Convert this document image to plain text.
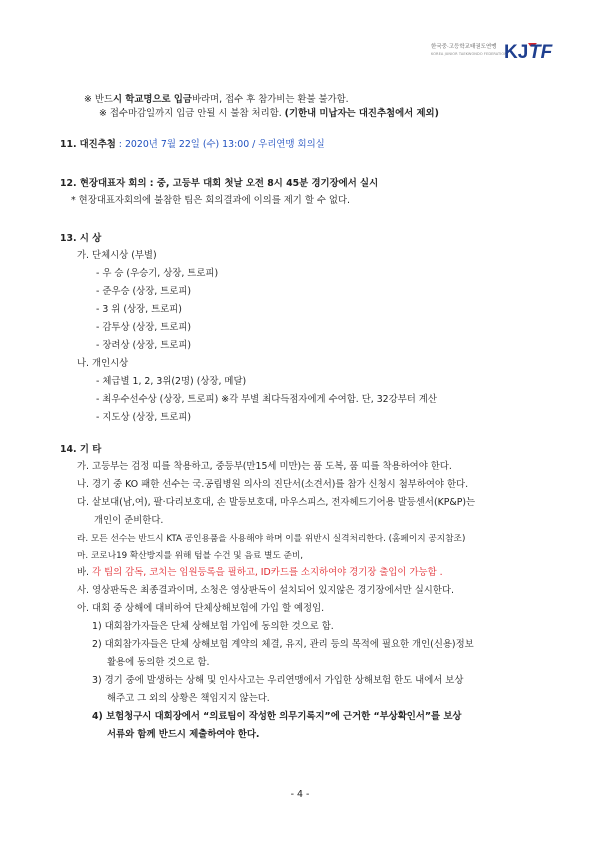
한국중·고등학교태권도연맹
KOREA JUNIOR TAEKWONDO FEDERATION
KJ TF
※ 반드시 학교명으로 입금바라며, 접수 후 참가비는 환불 불가함.
※ 접수마감일까지 입금 안될 시 불참 처리함. (기한내 미납자는 대진추첨에서 제외)
11. 대진추첨 : 2020년 7월 22일 (수) 13:00 / 우리연맹 회의실
12. 현장대표자 회의 : 중, 고등부 대회 첫날 오전 8시 45분 경기장에서 실시
* 현장대표자회의에 불참한 팀은 회의결과에 이의를 제기 할 수 없다.
13. 시 상
가. 단체시상 (부별)
- 우 승 (우승기, 상장, 트로피)
- 준우승 (상장, 트로피)
- 3 위 (상장, 트로피)
- 감투상 (상장, 트로피)
- 장려상 (상장, 트로피)
나. 개인시상
- 체급별 1, 2, 3위(2명) (상장, 메달)
- 최우수선수상 (상장, 트로피) ※각 부별 최다득점자에게 수여함. 단, 32강부터 계산
- 지도상 (상장, 트로피)
14. 기 타
가. 고등부는 검정 띠를 착용하고, 중등부(만15세 미만)는 품 도복, 품 띠를 착용하여야 한다.
나. 경기 중 KO 패한 선수는 국.공립병원 의사의 진단서(소견서)를 참가 신청시 첨부하여야 한다.
다. 샅보대(남,여), 팔·다리보호대, 손 발등보호대, 마우스피스, 전자헤드기어용 발등센서(KP&P)는
개인이 준비한다.
라. 모든 선수는 반드시 KTA 공인용품을 사용해야 하며 이를 위반시 실격처리한다. (홈페이지 공지참조)
마. 코로나19 확산방지를 위해 텀블 수건 및 음료 별도 준비,
바. 각 팀의 감독, 코치는 임원등록을 필하고, ID카드를 소지하여야 경기장 출입이 가능함 .
사. 영상판독은 최종결과이며, 소청은 영상판독이 설치되어 있지않은 경기장에서만 실시한다.
아. 대회 중 상해에 대비하여 단체상해보험에 가입 할 예정임.
1) 대회참가자들은 단체 상해보험 가입에 동의한 것으로 함.
2) 대회참가자들은 단체 상해보험 계약의 체결, 유지, 관리 등의 목적에 필요한 개인(신용)정보
활용에 동의한 것으로 함.
3) 경기 중에 발생하는 상해 및 인사사고는 우리연맹에서 가입한 상해보험 한도 내에서 보상
해주고 그 외의 상황은 책임지지 않는다.
4) 보험청구시 대회장에서 “의료팀이 작성한 의무기록지”에 근거한 “부상확인서”를 보상
서류와 함께 반드시 제출하여야 한다.
- 4 -
